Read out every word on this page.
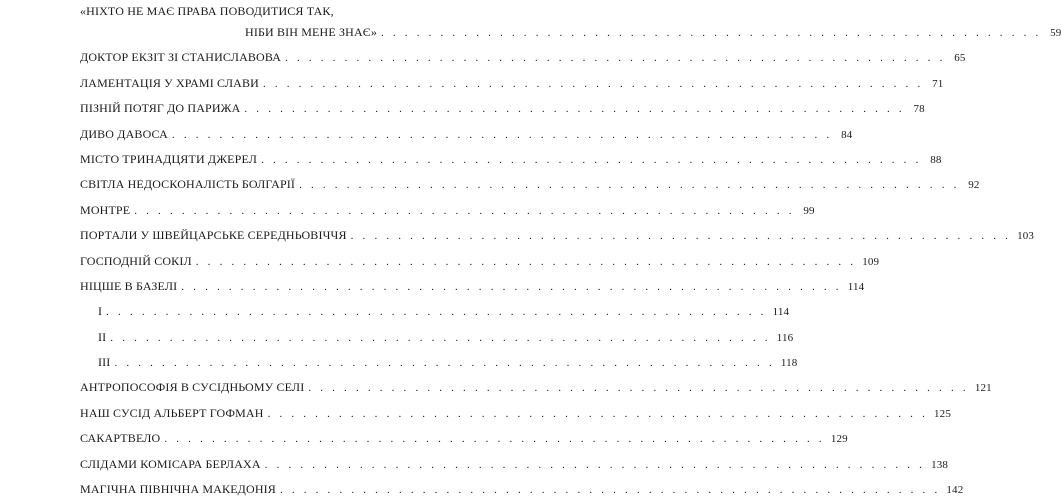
«НІХТО НЕ МАЄ ПРАВА ПОВОДИТИСЯ ТАК,
НІБИ ВІН МЕНЕ ЗНАЄ» . . . . . . . . . . . . . . . . . . . . . . . . . . . . . . . . . . . . . . . . . . . . . . . . . . . . . . . . 59
ДОКТОР ЕКЗІТ ЗІ СТАНИСЛАВОВА . . . . . . . . . . . . . . . . . . . . . . . . . . . . . . . . . . . . . . . . . . . . . . . . . . . . . . . . 65
ЛАМЕНТАЦІЯ У ХРАМІ СЛАВИ . . . . . . . . . . . . . . . . . . . . . . . . . . . . . . . . . . . . . . . . . . . . . . . . . . . . . . . . 71
ПІЗНІЙ ПОТЯГ ДО ПАРИЖА . . . . . . . . . . . . . . . . . . . . . . . . . . . . . . . . . . . . . . . . . . . . . . . . . . . . . . . . 78
ДИВО ДАВОСА . . . . . . . . . . . . . . . . . . . . . . . . . . . . . . . . . . . . . . . . . . . . . . . . . . . . . . . . 84
МІСТО ТРИНАДЦЯТИ ДЖЕРЕЛ . . . . . . . . . . . . . . . . . . . . . . . . . . . . . . . . . . . . . . . . . . . . . . . . . . . . . . . . 88
СВІТЛА НЕДОСКОНАЛІСТЬ БОЛГАРІЇ . . . . . . . . . . . . . . . . . . . . . . . . . . . . . . . . . . . . . . . . . . . . . . . . . . . . . . . . 92
МОНТРЕ . . . . . . . . . . . . . . . . . . . . . . . . . . . . . . . . . . . . . . . . . . . . . . . . . . . . . . . . 99
ПОРТАЛИ У ШВЕЙЦАРСЬКЕ СЕРЕДНЬОВІЧЧЯ . . . . . . . . . . . . . . . . . . . . . . . . . . . . . . . . . . . . . . . . . . . . . . . . . . . . . . . . 103
ГОСПОДНІЙ СОКІЛ . . . . . . . . . . . . . . . . . . . . . . . . . . . . . . . . . . . . . . . . . . . . . . . . . . . . . . . . 109
НІЦШЕ В БАЗЕЛІ . . . . . . . . . . . . . . . . . . . . . . . . . . . . . . . . . . . . . . . . . . . . . . . . . . . . . . . . 114
I . . . . . . . . . . . . . . . . . . . . . . . . . . . . . . . . . . . . . . . . . . . . . . . . . . . . . . . . 114
II . . . . . . . . . . . . . . . . . . . . . . . . . . . . . . . . . . . . . . . . . . . . . . . . . . . . . . . . 116
III . . . . . . . . . . . . . . . . . . . . . . . . . . . . . . . . . . . . . . . . . . . . . . . . . . . . . . . . 118
АНТРОПОСОФІЯ В СУСІДНЬОМУ СЕЛІ . . . . . . . . . . . . . . . . . . . . . . . . . . . . . . . . . . . . . . . . . . . . . . . . . . . . . . . . 121
НАШ СУСІД АЛЬБЕРТ ГОФМАН . . . . . . . . . . . . . . . . . . . . . . . . . . . . . . . . . . . . . . . . . . . . . . . . . . . . . . . . 125
САКАРТВЕЛО . . . . . . . . . . . . . . . . . . . . . . . . . . . . . . . . . . . . . . . . . . . . . . . . . . . . . . . . 129
СЛІДАМИ КОМІСАРА БЕРЛАХА . . . . . . . . . . . . . . . . . . . . . . . . . . . . . . . . . . . . . . . . . . . . . . . . . . . . . . . . 138
МАГІЧНА ПІВНІЧНА МАКЕДОНІЯ . . . . . . . . . . . . . . . . . . . . . . . . . . . . . . . . . . . . . . . . . . . . . . . . . . . . . . . . 142
